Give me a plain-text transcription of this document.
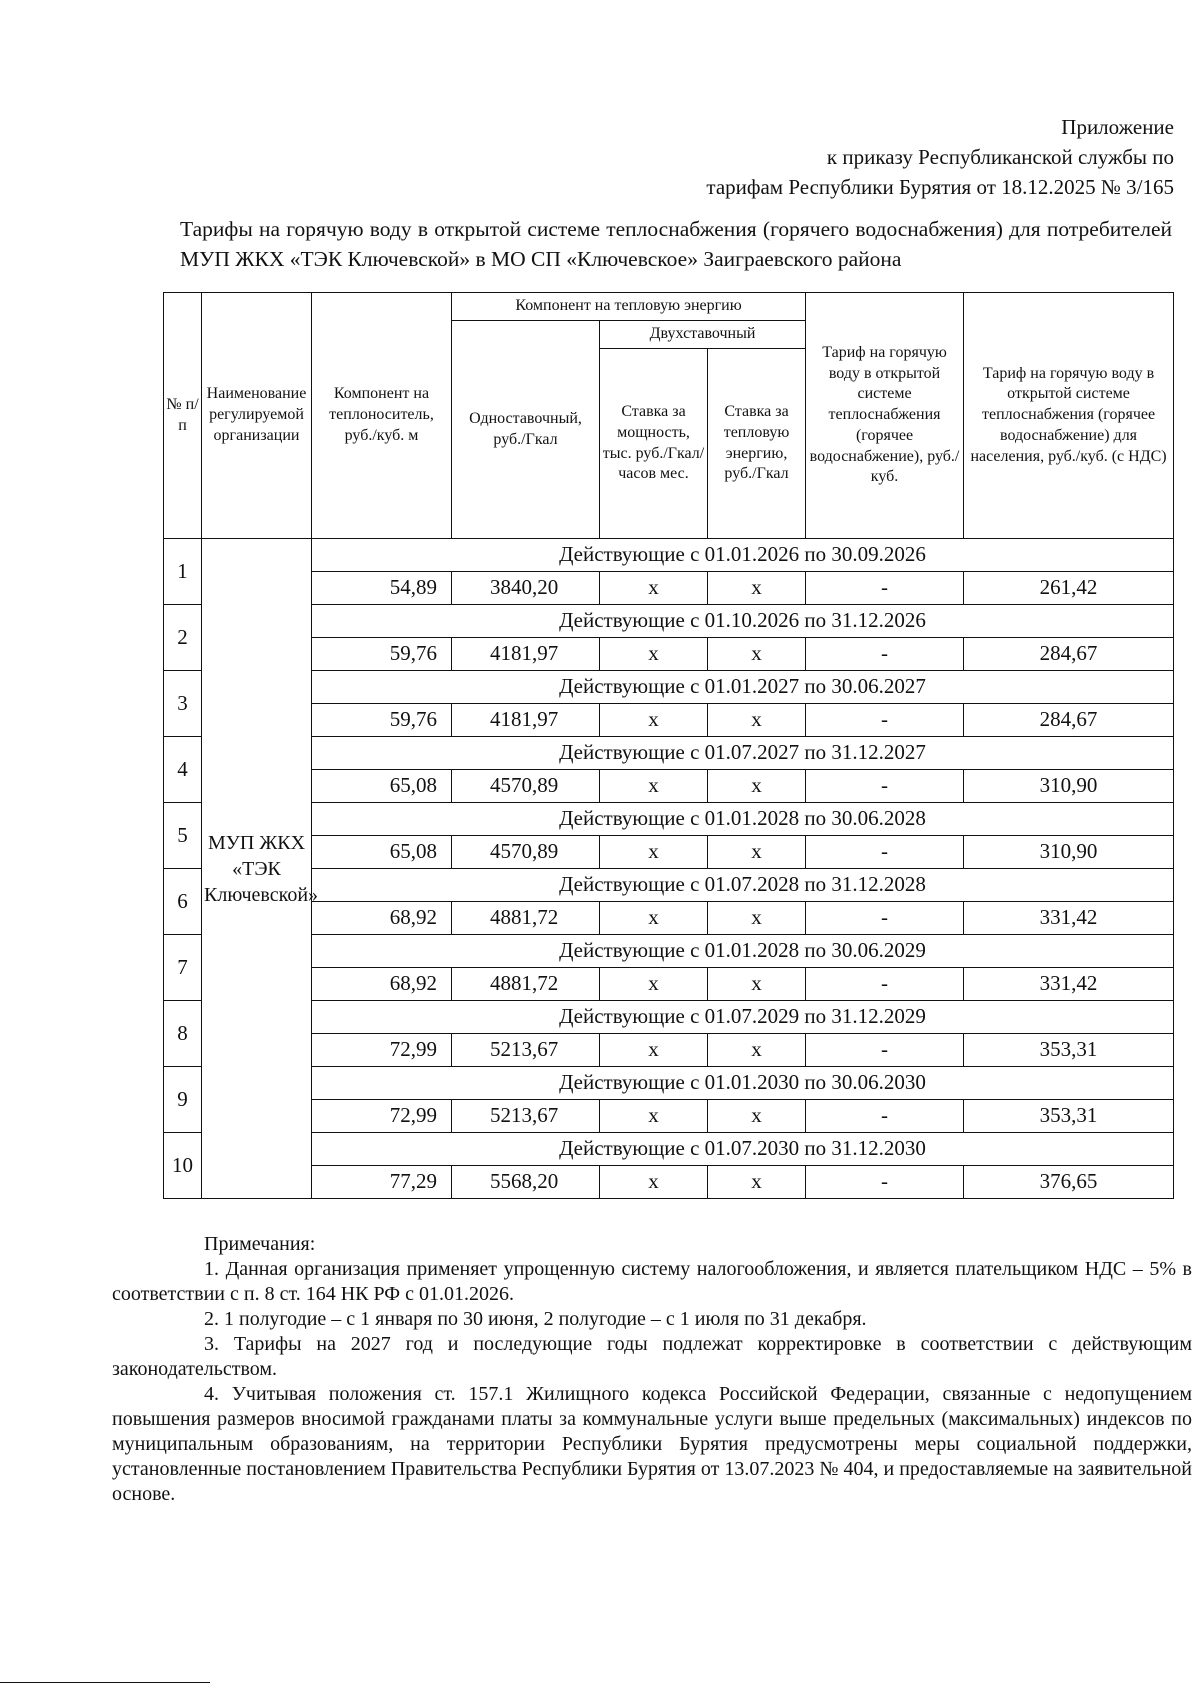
Приложение
к приказу Республиканской службы по
тарифам Республики Бурятия от 18.12.2025 № 3/165
Тарифы на горячую воду в открытой системе теплоснабжения (горячего водоснабжения) для потребителей МУП ЖКХ «ТЭК Ключевской» в МО СП «Ключевское» Заиграевского района
№ п/п	Наименование регулируемой организации	Компонент на теплоноситель, руб./куб. м	Компонент на тепловую энергию			Тариф на горячую воду в открытой системе теплоснабжения (горячее водоснабжение), руб./куб.	Тариф на горячую воду в открытой системе теплоснабжения (горячее водоснабжение) для населения, руб./куб. (с НДС)
			Одноставочный, руб./Гкал	Двухставочный			
				Ставка за мощность, тыс. руб./Гкал/ часов мес.	Ставка за тепловую энергию, руб./Гкал		
1	МУП ЖКХ «ТЭК Ключевской»	Действующие с 01.01.2026 по 30.09.2026					
		54,89	3840,20	х	х	-	261,42
2		Действующие с 01.10.2026 по 31.12.2026					
		59,76	4181,97	х	х	-	284,67
3		Действующие с 01.01.2027 по 30.06.2027					
		59,76	4181,97	х	х	-	284,67
4		Действующие с 01.07.2027 по 31.12.2027					
		65,08	4570,89	х	х	-	310,90
5		Действующие с 01.01.2028 по 30.06.2028					
		65,08	4570,89	х	х	-	310,90
6		Действующие с 01.07.2028 по 31.12.2028					
		68,92	4881,72	х	х	-	331,42
7		Действующие с 01.01.2028 по 30.06.2029					
		68,92	4881,72	х	х	-	331,42
8		Действующие с 01.07.2029 по 31.12.2029					
		72,99	5213,67	х	х	-	353,31
9		Действующие с 01.01.2030 по 30.06.2030					
		72,99	5213,67	х	х	-	353,31
10		Действующие с 01.07.2030 по 31.12.2030					
		77,29	5568,20	х	х	-	376,65

Примечания:

1. Данная организация применяет упрощенную систему налогообложения, и является плательщиком НДС – 5% в соответствии с п. 8 ст. 164 НК РФ с 01.01.2026.

2. 1 полугодие – с 1 января по 30 июня, 2 полугодие – с 1 июля по 31 декабря.

3. Тарифы на 2027 год и последующие годы подлежат корректировке в соответствии с действующим законодательством.

4. Учитывая положения ст. 157.1 Жилищного кодекса Российской Федерации, связанные с недопущением повышения размеров вносимой гражданами платы за коммунальные услуги выше предельных (максимальных) индексов по муниципальным образованиям, на территории Республики Бурятия предусмотрены меры социальной поддержки, установленные постановлением Правительства Республики Бурятия от 13.07.2023 № 404, и предоставляемые на заявительной основе.
